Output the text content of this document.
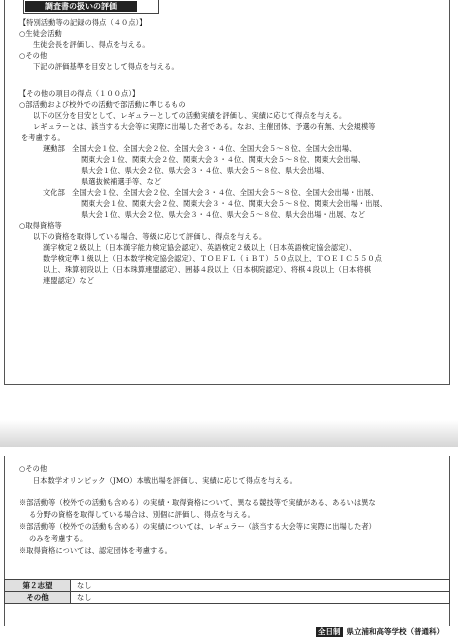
調査書の扱いの評価
【特別活動等の記録の得点（４０点）】
○生徒会活動
生徒会長を評価し、得点を与える。
○その他
下記の評価基準を目安として得点を与える。
【その他の項目の得点（１００点）】
○部活動および校外での活動で部活動に準じるもの
以下の区分を目安として、レギュラーとしての活動実績を評価し、実績に応じて得点を与える。
レギュラーとは、該当する大会等に実際に出場した者である。なお、主催団体、予選の有無、大会規模等
を考慮する。
運動部　全国大会１位、全国大会２位、全国大会３・４位、全国大会５～８位、全国大会出場、
関東大会１位、関東大会２位、関東大会３・４位、関東大会５～８位、関東大会出場、
県大会１位、県大会２位、県大会３・４位、県大会５～８位、県大会出場、
県選抜候補選手等、など
文化部　全国大会１位、全国大会２位、全国大会３・４位、全国大会５～８位、全国大会出場・出展、
関東大会１位、関東大会２位、関東大会３・４位、関東大会５～８位、関東大会出場・出展、
県大会１位、県大会２位、県大会３・４位、県大会５～８位、県大会出場・出展、など
○取得資格等
以下の資格を取得している場合、等級に応じて評価し、得点を与える。
漢字検定２級以上（日本漢字能力検定協会認定）、英語検定２級以上（日本英語検定協会認定）、
数学検定準１級以上（日本数学検定協会認定）、ＴＯＥＦＬ（ｉＢＴ）５０点以上、ＴＯＥＩＣ５５０点
以上、珠算初段以上（日本珠算連盟認定）、囲碁４段以上（日本棋院認定）、将棋４段以上（日本将棋
連盟認定）など
○その他
日本数学オリンピック（JMO）本戦出場を評価し、実績に応じて得点を与える。
※部活動等（校外での活動も含める）の実績・取得資格について、異なる競技等で実績がある、あるいは異な
る分野の資格を取得している場合は、別個に評価し、得点を与える。
※部活動等（校外での活動も含める）の実績については、レギュラー（該当する大会等に実際に出場した者）
のみを考慮する。
※取得資格については、認定団体を考慮する。
第２志望	なし
その他	なし
全日制 県立浦和高等学校（普通科）
